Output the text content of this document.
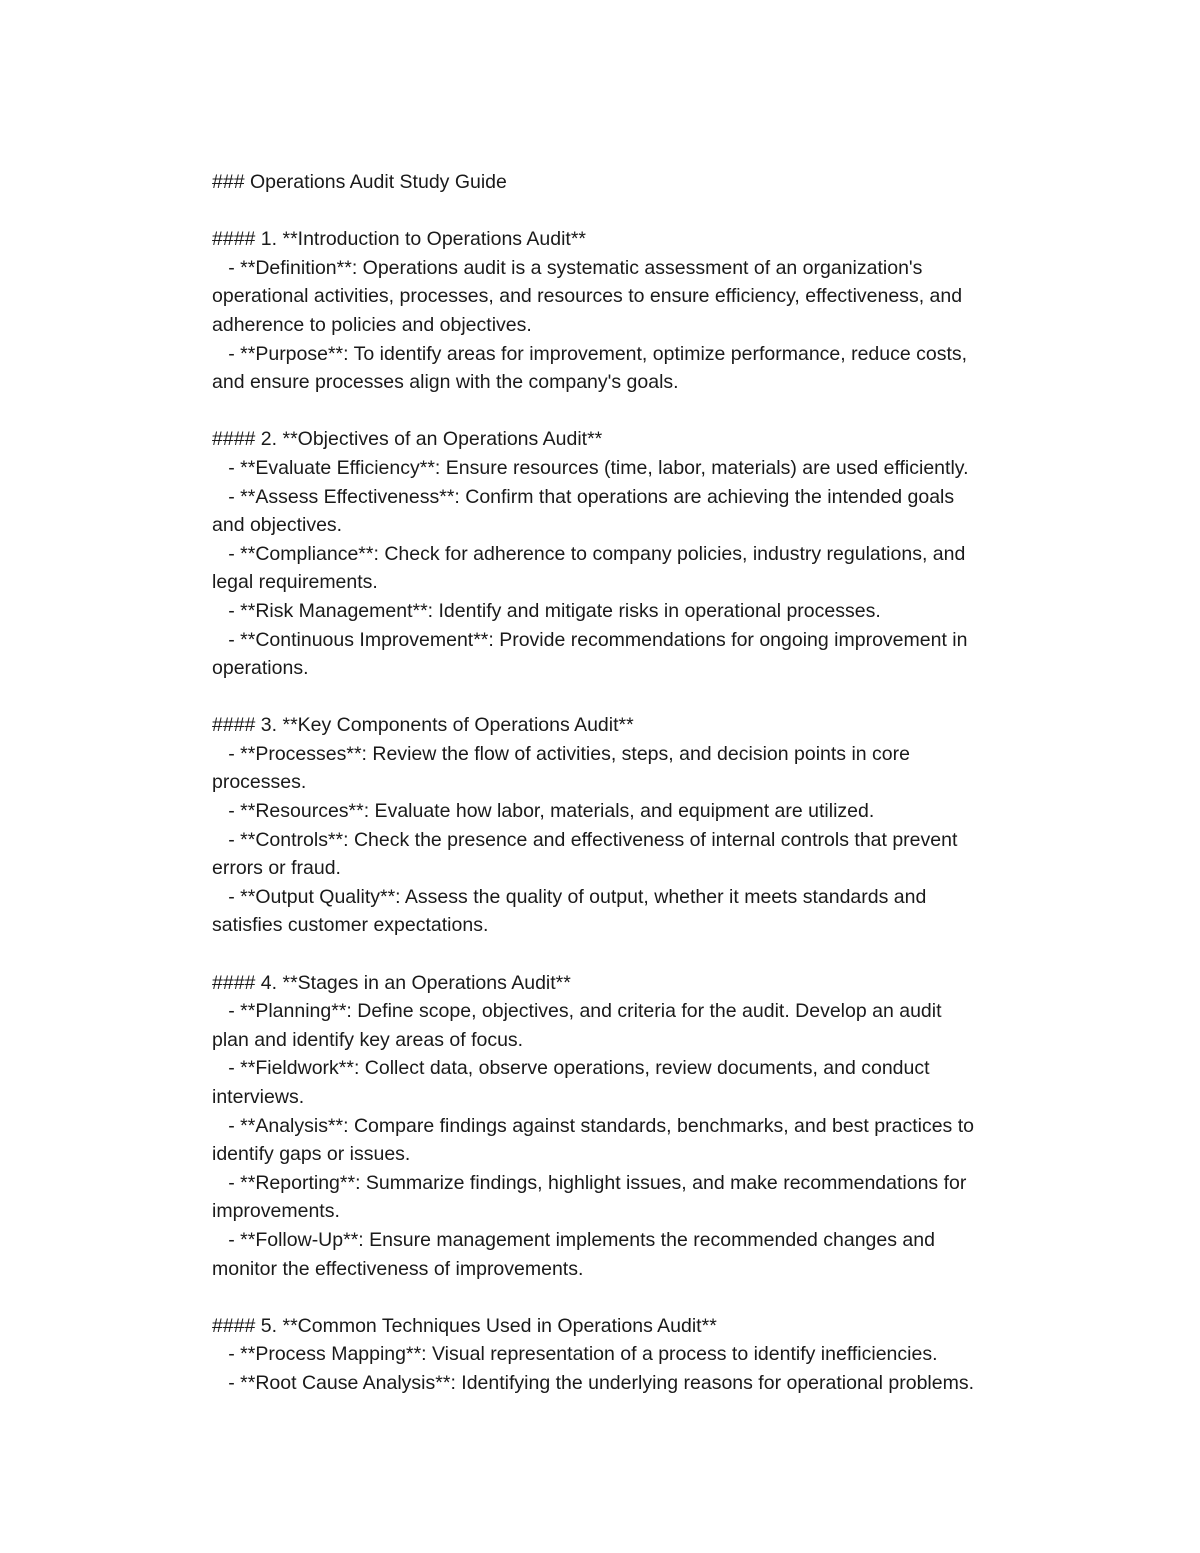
### Operations Audit Study Guide
#### 1. **Introduction to Operations Audit**
- **Definition**: Operations audit is a systematic assessment of an organization's
operational activities, processes, and resources to ensure efficiency, effectiveness, and
adherence to policies and objectives.
- **Purpose**: To identify areas for improvement, optimize performance, reduce costs,
and ensure processes align with the company's goals.
#### 2. **Objectives of an Operations Audit**
- **Evaluate Efficiency**: Ensure resources (time, labor, materials) are used efficiently.
- **Assess Effectiveness**: Confirm that operations are achieving the intended goals
and objectives.
- **Compliance**: Check for adherence to company policies, industry regulations, and
legal requirements.
- **Risk Management**: Identify and mitigate risks in operational processes.
- **Continuous Improvement**: Provide recommendations for ongoing improvement in
operations.
#### 3. **Key Components of Operations Audit**
- **Processes**: Review the flow of activities, steps, and decision points in core
processes.
- **Resources**: Evaluate how labor, materials, and equipment are utilized.
- **Controls**: Check the presence and effectiveness of internal controls that prevent
errors or fraud.
- **Output Quality**: Assess the quality of output, whether it meets standards and
satisfies customer expectations.
#### 4. **Stages in an Operations Audit**
- **Planning**: Define scope, objectives, and criteria for the audit. Develop an audit
plan and identify key areas of focus.
- **Fieldwork**: Collect data, observe operations, review documents, and conduct
interviews.
- **Analysis**: Compare findings against standards, benchmarks, and best practices to
identify gaps or issues.
- **Reporting**: Summarize findings, highlight issues, and make recommendations for
improvements.
- **Follow-Up**: Ensure management implements the recommended changes and
monitor the effectiveness of improvements.
#### 5. **Common Techniques Used in Operations Audit**
- **Process Mapping**: Visual representation of a process to identify inefficiencies.
- **Root Cause Analysis**: Identifying the underlying reasons for operational problems.
